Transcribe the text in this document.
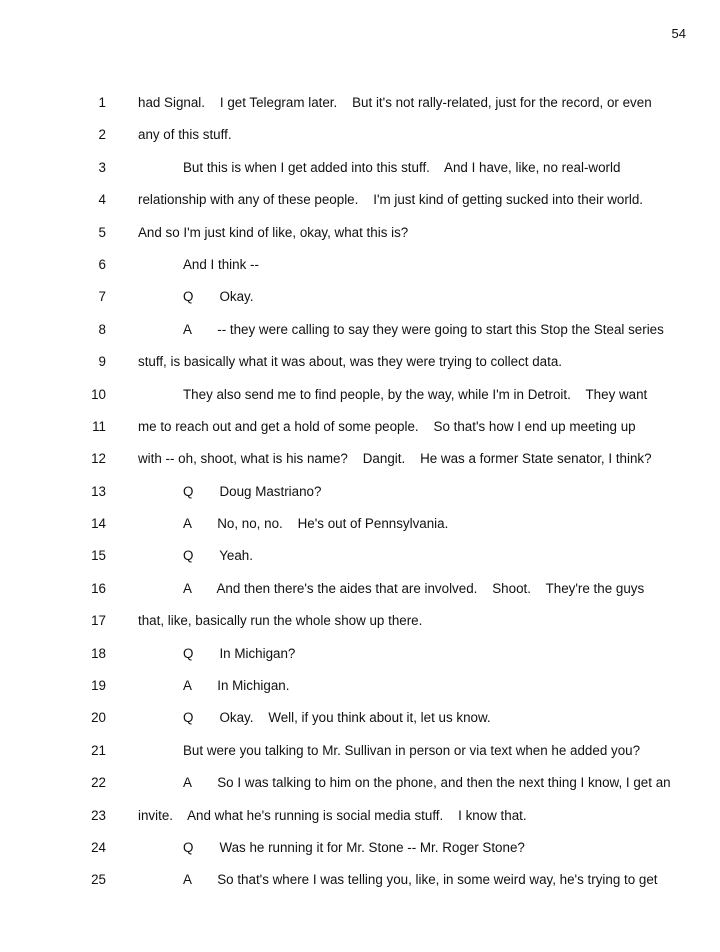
54
1 had Signal.    I get Telegram later.    But it's not rally-related, just for the record, or even
2 any of this stuff.
3	But this is when I get added into this stuff.    And I have, like, no real-world
4 relationship with any of these people.    I'm just kind of getting sucked into their world.
5 And so I'm just kind of like, okay, what this is?
6	And I think --
7	Q       Okay.
8	A       -- they were calling to say they were going to start this Stop the Steal series
9 stuff, is basically what it was about, was they were trying to collect data.
10	They also send me to find people, by the way, while I'm in Detroit.    They want
11 me to reach out and get a hold of some people.    So that's how I end up meeting up
12 with -- oh, shoot, what is his name?    Dangit.    He was a former State senator, I think?
13	Q       Doug Mastriano?
14	A       No, no, no.    He's out of Pennsylvania.
15	Q       Yeah.
16	A       And then there's the aides that are involved.    Shoot.    They're the guys
17 that, like, basically run the whole show up there.
18	Q       In Michigan?
19	A       In Michigan.
20	Q       Okay.    Well, if you think about it, let us know.
21	But were you talking to Mr. Sullivan in person or via text when he added you?
22	A       So I was talking to him on the phone, and then the next thing I know, I get an
23 invite.    And what he's running is social media stuff.    I know that.
24	Q       Was he running it for Mr. Stone -- Mr. Roger Stone?
25	A       So that's where I was telling you, like, in some weird way, he's trying to get
